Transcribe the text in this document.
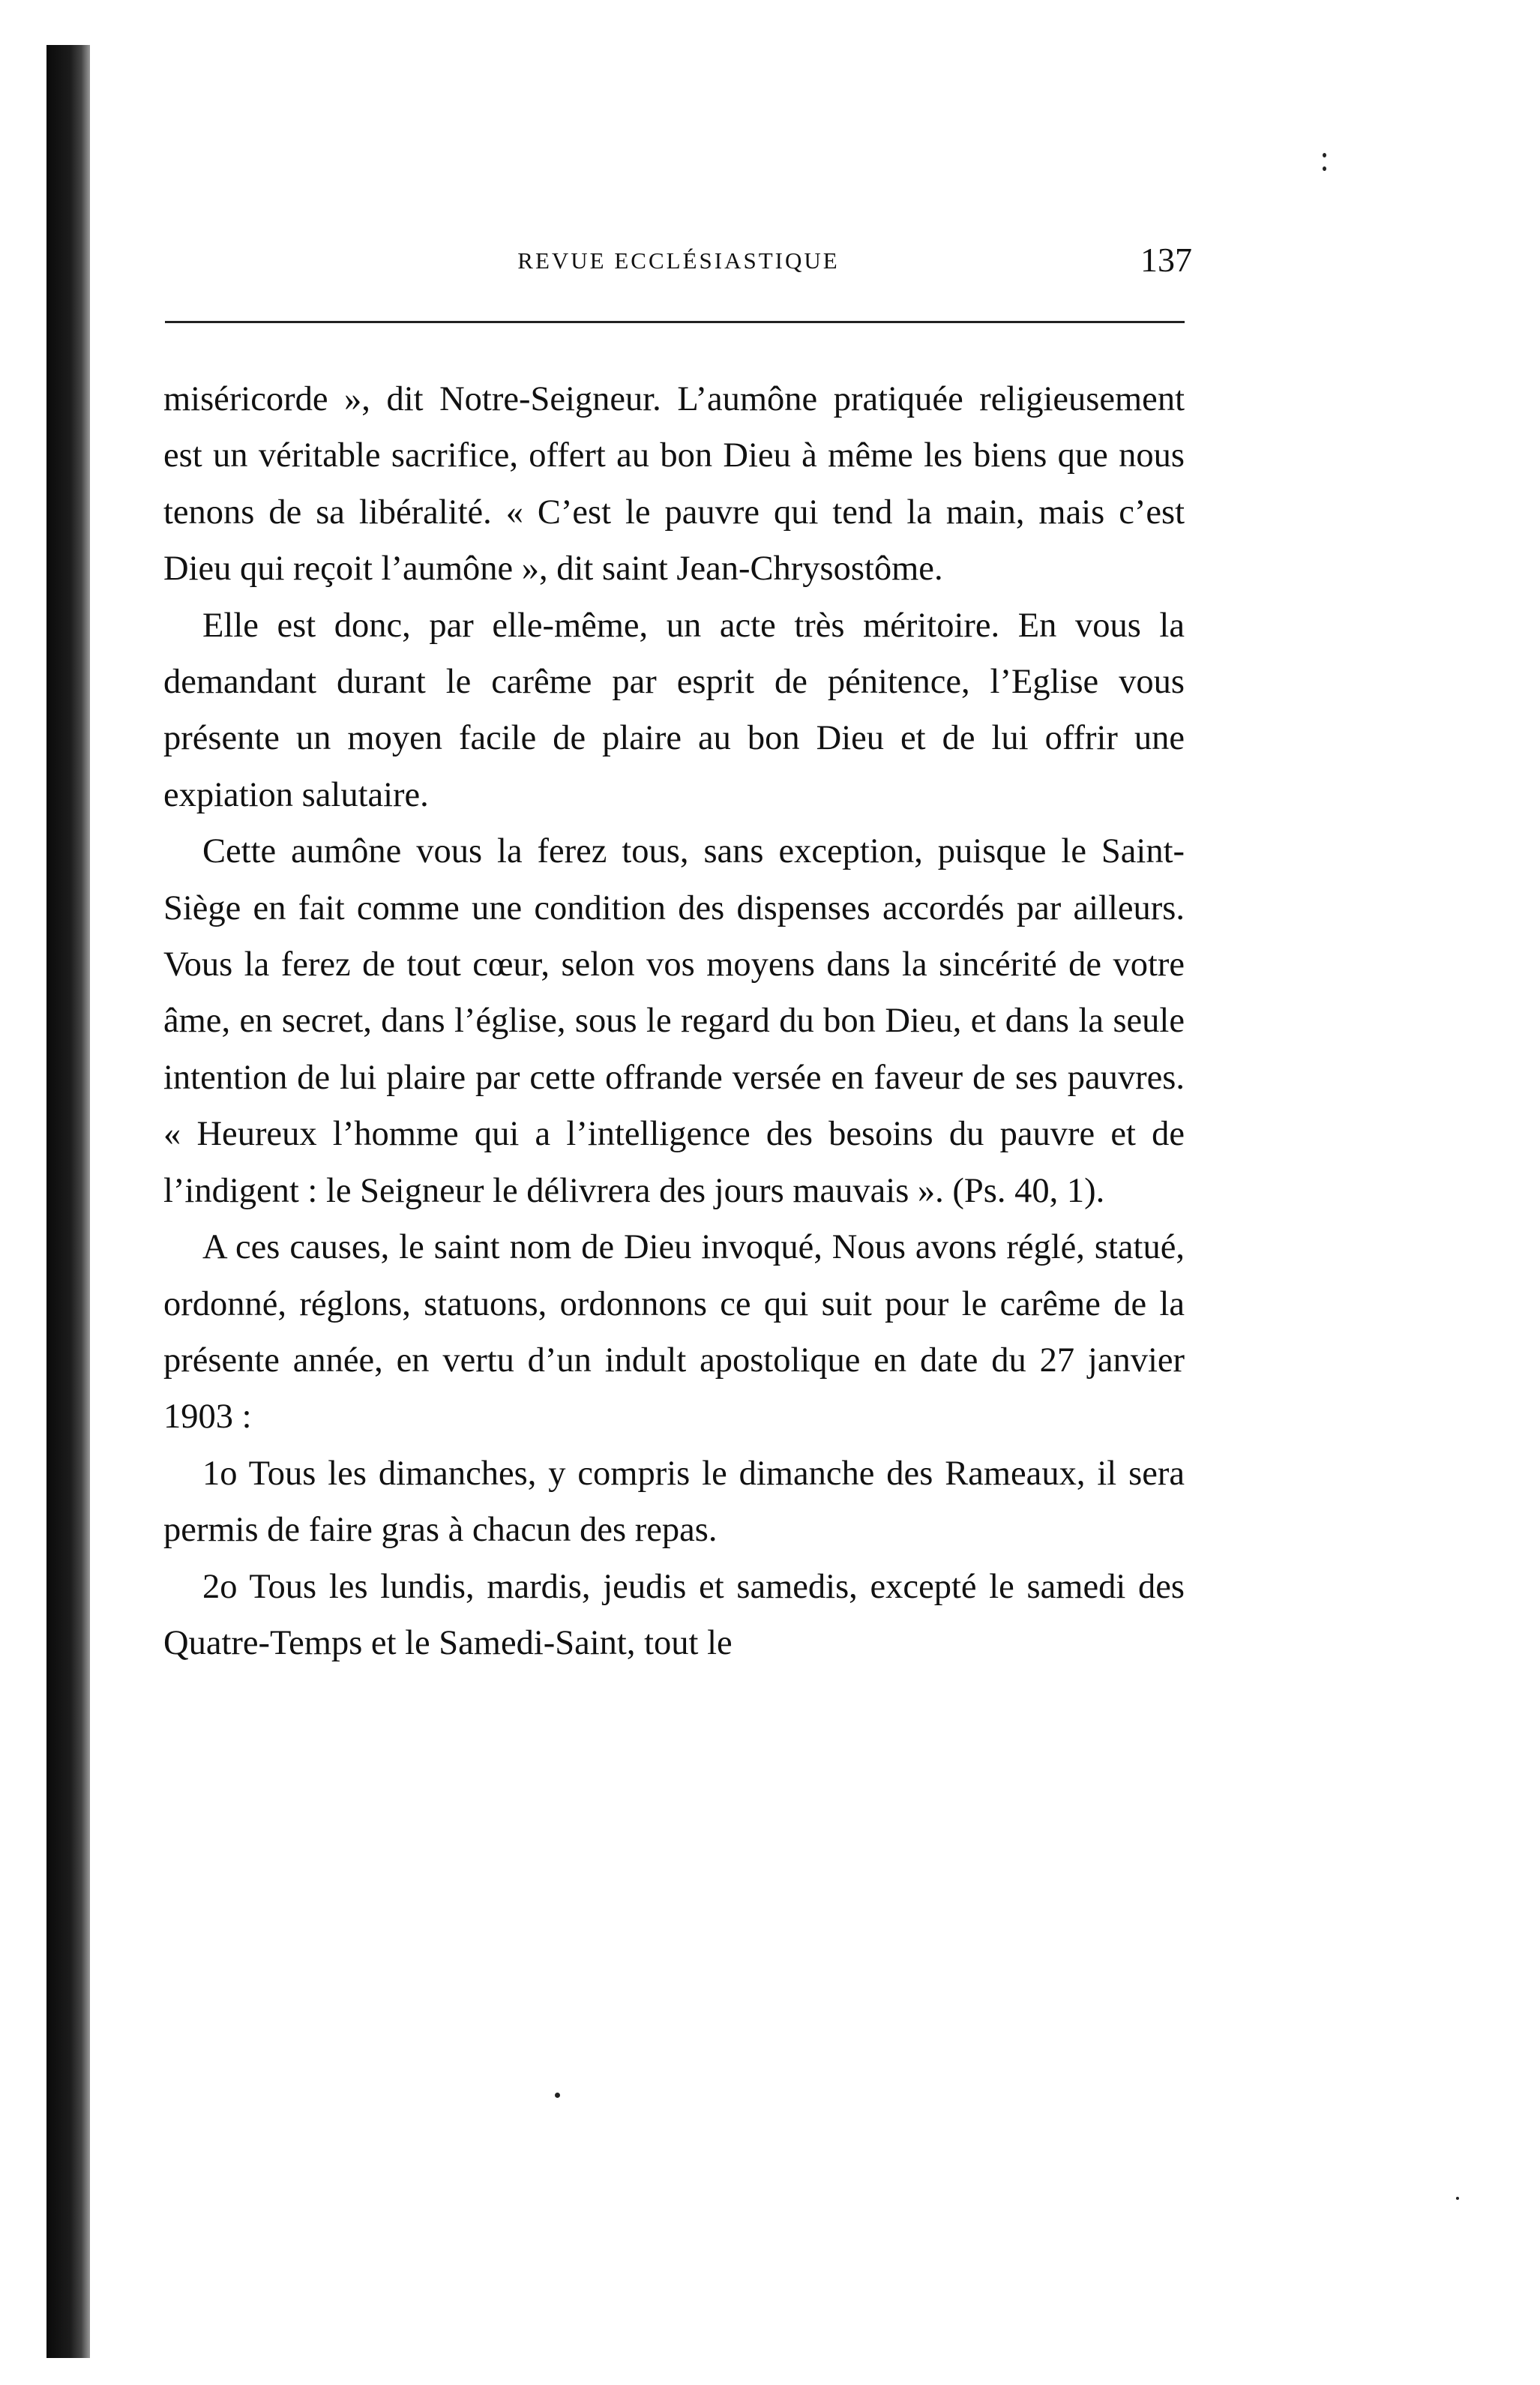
REVUE ECCLÉSIASTIQUE	137

miséricorde », dit Notre-Seigneur. L’aumône pratiquée religieusement est un véritable sacrifice, offert au bon Dieu à même les biens que nous tenons de sa libéralité. « C’est le pauvre qui tend la main, mais c’est Dieu qui reçoit l’aumône », dit saint Jean-Chrysostôme.

Elle est donc, par elle-même, un acte très méritoire. En vous la demandant durant le carême par esprit de pénitence, l’Eglise vous présente un moyen facile de plaire au bon Dieu et de lui offrir une expiation salutaire.

Cette aumône vous la ferez tous, sans exception, puisque le Saint-Siège en fait comme une condition des dispenses accordés par ailleurs. Vous la ferez de tout cœur, selon vos moyens dans la sincérité de votre âme, en secret, dans l’église, sous le regard du bon Dieu, et dans la seule intention de lui plaire par cette offrande versée en faveur de ses pauvres. « Heureux l’homme qui a l’intelligence des besoins du pauvre et de l’indigent : le Seigneur le délivrera des jours mauvais ». (Ps. 40, 1).

A ces causes, le saint nom de Dieu invoqué, Nous avons réglé, statué, ordonné, réglons, statuons, ordonnons ce qui suit pour le carême de la présente année, en vertu d’un indult apostolique en date du 27 janvier 1903 :

1o Tous les dimanches, y compris le dimanche des Rameaux, il sera permis de faire gras à chacun des repas.

2o Tous les lundis, mardis, jeudis et samedis, excepté le samedi des Quatre-Temps et le Samedi-Saint, tout le
